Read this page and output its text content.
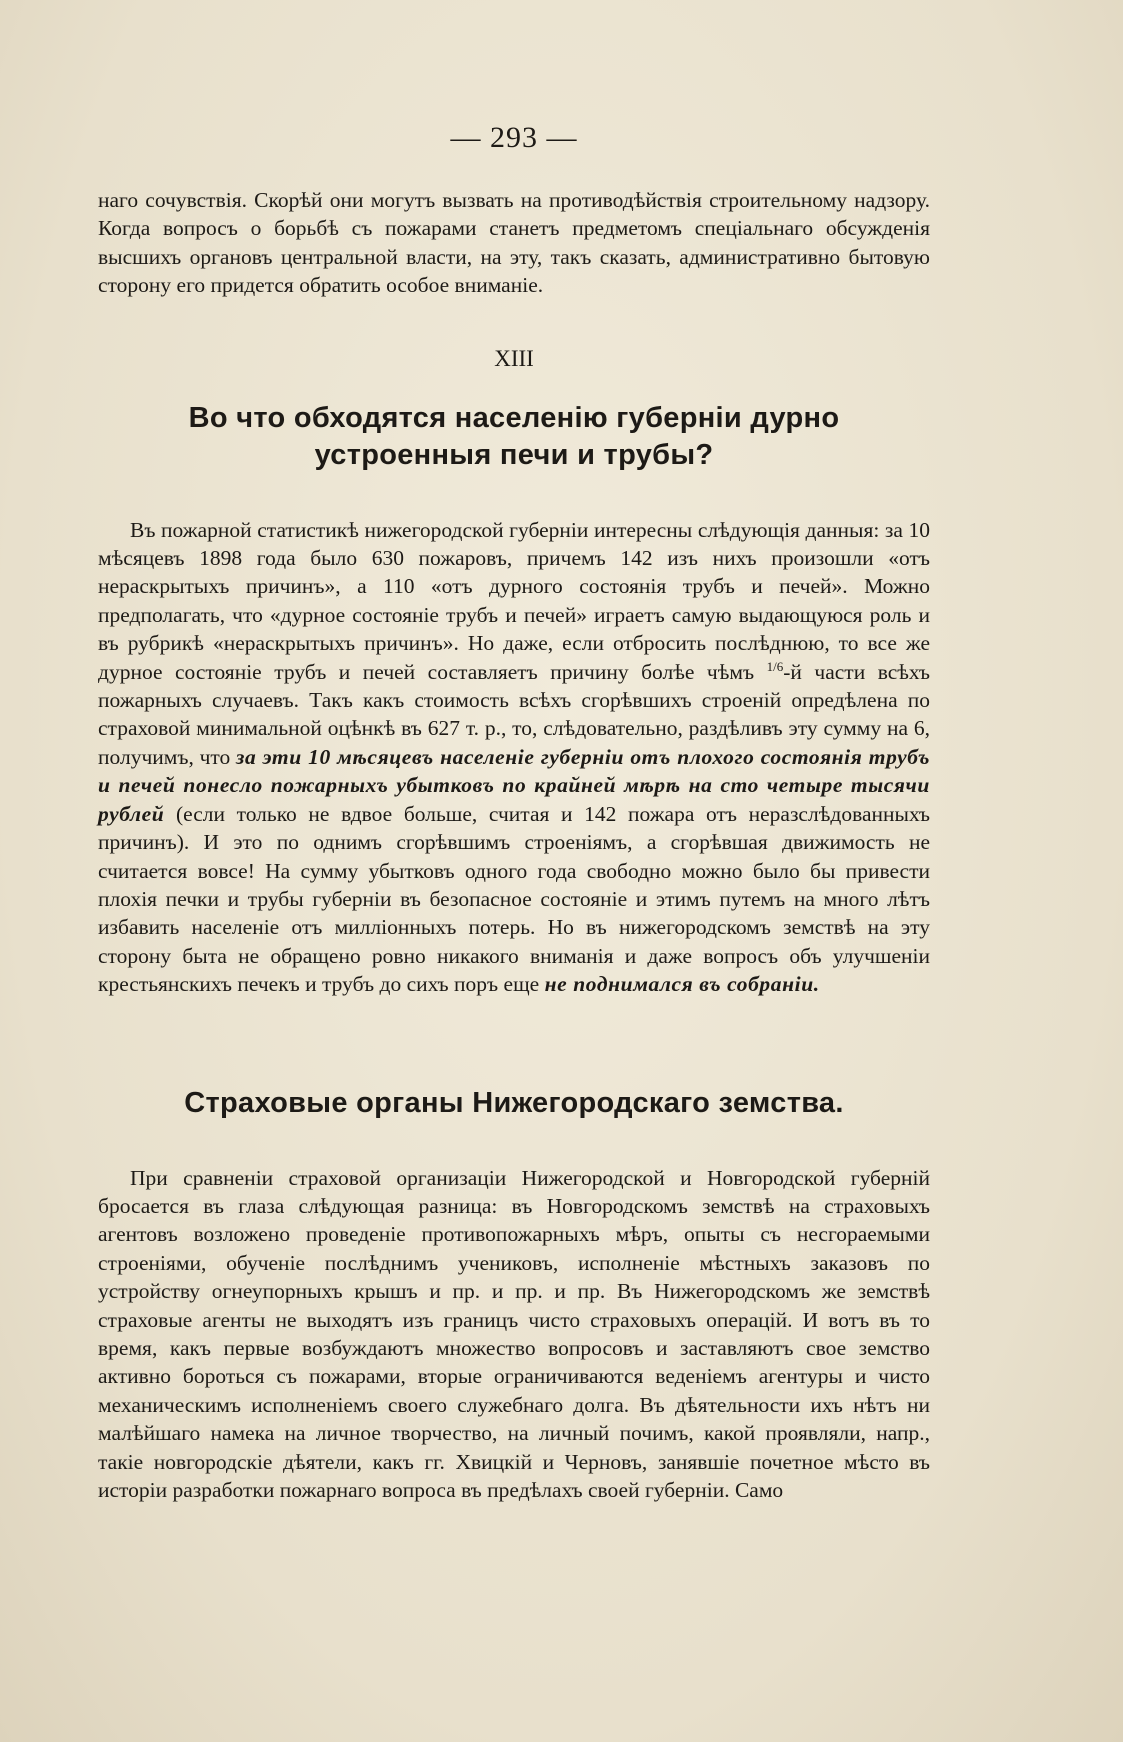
— 293 —

наго сочувствія. Скорѣй они могутъ вызвать на противодѣйствія строительному надзору. Когда вопросъ о борьбѣ съ пожарами станетъ предметомъ спеціальнаго обсужденія высшихъ органовъ центральной власти, на эту, такъ сказать, административно бытовую сторону его придется обратить особое вниманіе.

XIII
Во что обходятся населенію губерніи дурно устроенныя печи и трубы?

Въ пожарной статистикѣ нижегородской губерніи интересны слѣдующія данныя: за 10 мѣсяцевъ 1898 года было 630 пожаровъ, причемъ 142 изъ нихъ произошли «отъ нераскрытыхъ причинъ», а 110 «отъ дурного состоянія трубъ и печей». Можно предполагать, что «дурное состояніе трубъ и печей» играетъ самую выдающуюся роль и въ рубрикѣ «нераскрытыхъ причинъ». Но даже, если отбросить послѣднюю, то все же дурное состояніе трубъ и печей составляетъ причину болѣе чѣмъ $^{1/6}$-й части всѣхъ пожарныхъ случаевъ. Такъ какъ стоимость всѣхъ сгорѣвшихъ строеній опредѣлена по страховой минимальной оцѣнкѣ въ 627 т. р., то, слѣдовательно, раздѣливъ эту сумму на 6, получимъ, что за эти 10 мѣсяцевъ населеніе губерніи отъ плохого состоянія трубъ и печей понесло пожарныхъ убытковъ по крайней мѣрѣ на сто четыре тысячи рублей (если только не вдвое больше, считая и 142 пожара отъ неразслѣдованныхъ причинъ). И это по однимъ сгорѣвшимъ строеніямъ, а сгорѣвшая движимость не считается вовсе! На сумму убытковъ одного года свободно можно было бы привести плохія печки и трубы губерніи въ безопасное состояніе и этимъ путемъ на много лѣтъ избавить населеніе отъ милліонныхъ потерь. Но въ нижегородскомъ земствѣ на эту сторону быта не обращено ровно никакого вниманія и даже вопросъ объ улучшеніи крестьянскихъ печекъ и трубъ до сихъ поръ еще не поднимался въ собраніи.

Страховые органы Нижегородскаго земства.

При сравненіи страховой организаціи Нижегородской и Новгородской губерній бросается въ глаза слѣдующая разница: въ Новгородскомъ земствѣ на страховыхъ агентовъ возложено проведеніе противопожарныхъ мѣръ, опыты съ несгораемыми строеніями, обученіе послѣднимъ учениковъ, исполненіе мѣстныхъ заказовъ по устройству огнеупорныхъ крышъ и пр. и пр. и пр. Въ Нижегородскомъ же земствѣ страховые агенты не выходятъ изъ границъ чисто страховыхъ операцій. И вотъ въ то время, какъ первые возбуждаютъ множество вопросовъ и заставляютъ свое земство активно бороться съ пожарами, вторые ограничиваются веденіемъ агентуры и чисто механическимъ исполненіемъ своего служебнаго долга. Въ дѣятельности ихъ нѣтъ ни малѣйшаго намека на личное творчество, на личный почимъ, какой проявляли, напр., такіе новгородскіе дѣятели, какъ гг. Хвицкій и Черновъ, занявшіе почетное мѣсто въ исторіи разработки пожарнаго вопроса въ предѣлахъ своей губерніи. Само
